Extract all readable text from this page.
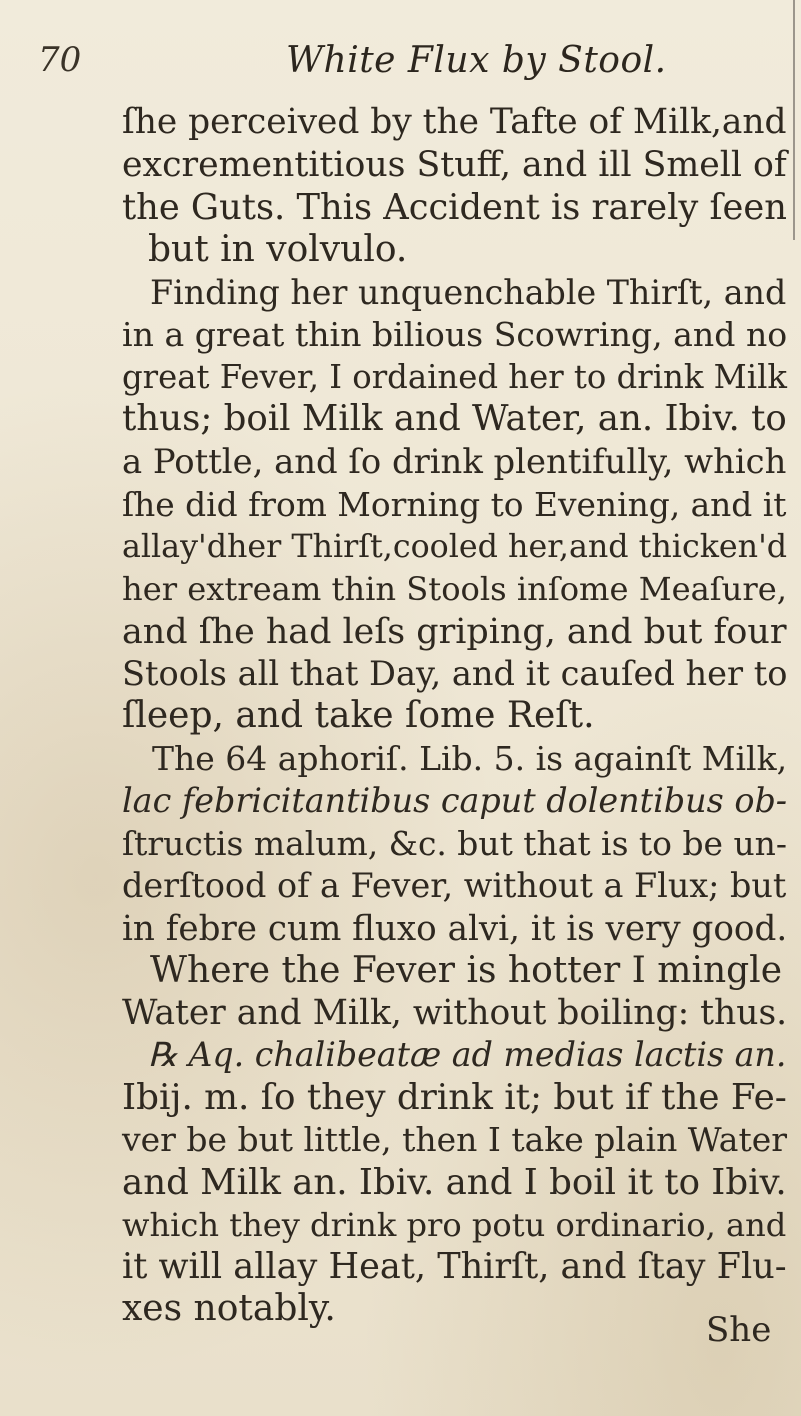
70	White Flux by Stool.
ſhe perceived by the Tafte of Milk,and
excrementitious Stuff, and ill Smell of
the Guts. This Accident is rarely ſeen
but in volvulo.
Finding her unquenchable Thirſt, and
in a great thin bilious Scowring, and no
great Fever, I ordained her to drink Milk
thus; boil Milk and Water, an. Ibiv. to
a Pottle, and ſo drink plentifully, which
ſhe did from Morning to Evening, and it
allay'dher Thirſt,cooled her,and thicken'd
her extream thin Stools inſome Meaſure,
and ſhe had leſs griping, and but four
Stools all that Day, and it cauſed her to
ſleep, and take ſome Reſt.
The 64 aphoriſ. Lib. 5. is againſt Milk,
lac febricitantibus caput dolentibus ob-
ſtructis malum, &c. but that is to be un-
derſtood of a Fever, without a Flux; but
in febre cum fluxo alvi, it is very good.
Where the Fever is hotter I mingle
Water and Milk, without boiling: thus.
℞ Aq. chalibeatæ ad medias lactis an.
Ibij. m. ſo they drink it; but if the Fe-
ver be but little, then I take plain Water
and Milk an. Ibiv. and I boil it to Ibiv.
which they drink pro potu ordinario, and
it will allay Heat, Thirſt, and ſtay Flu-
xes notably.
She
